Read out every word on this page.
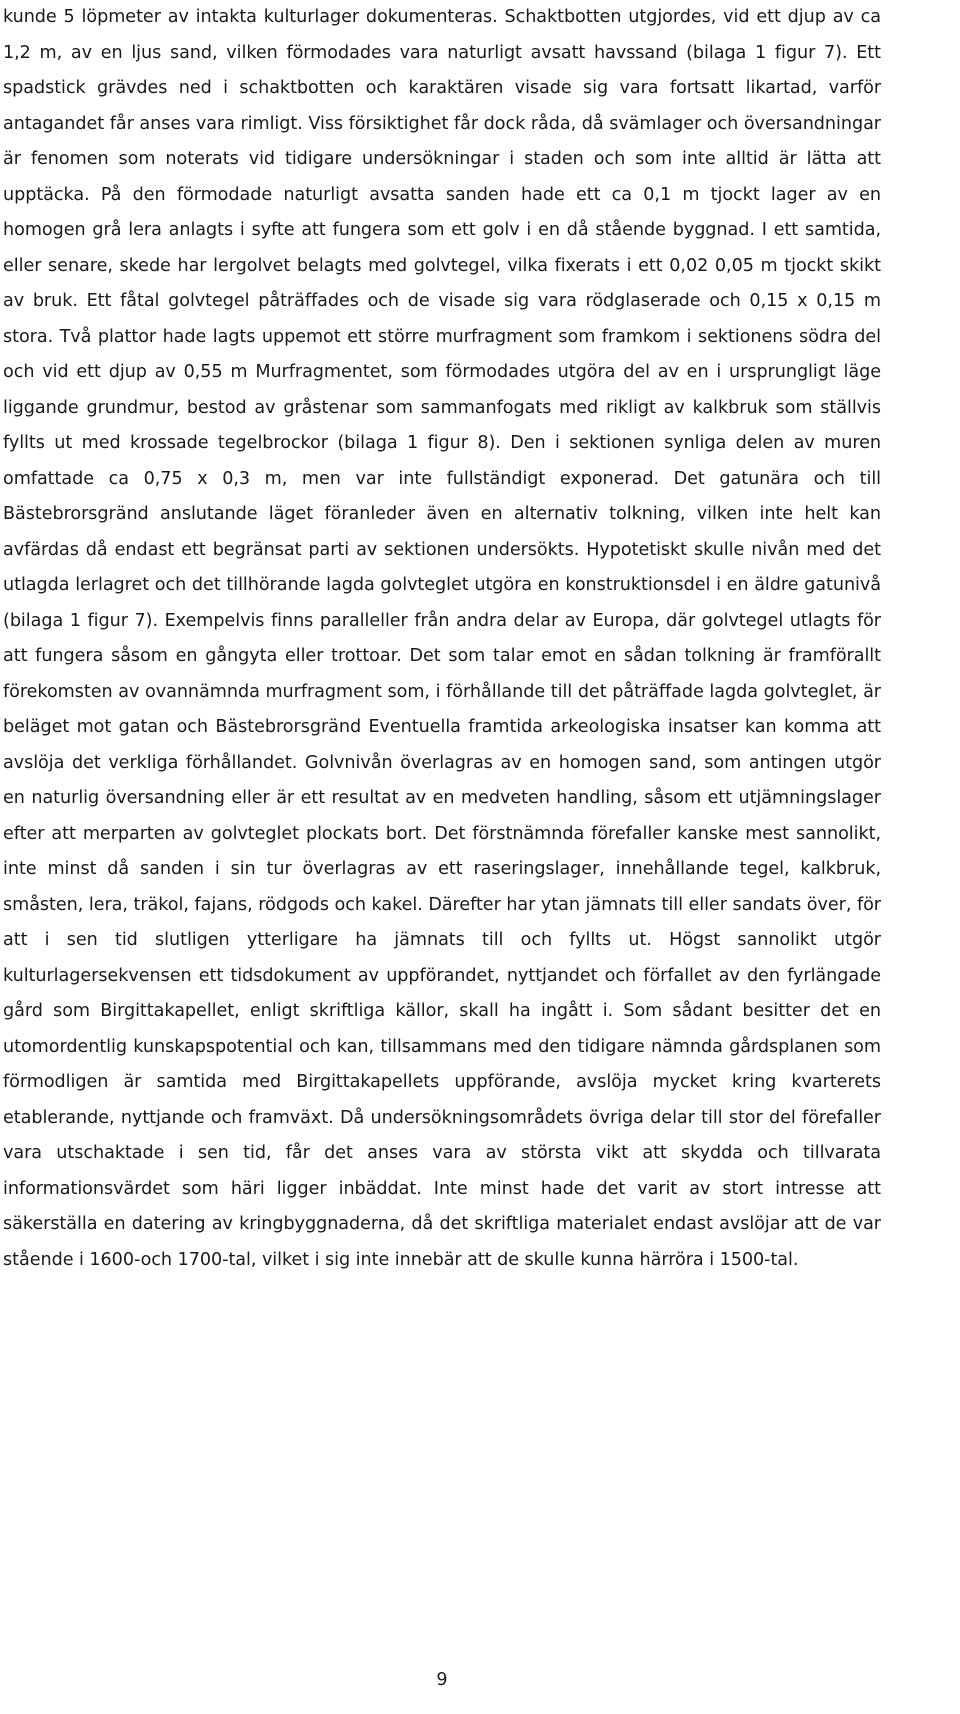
kunde 5 löpmeter av intakta kulturlager dokumenteras. Schaktbotten utgjordes, vid ett djup av ca 1,2 m, av en ljus sand, vilken förmodades vara naturligt avsatt havssand (bilaga 1 figur 7). Ett spadstick grävdes ned i schaktbotten och karaktären visade sig vara fortsatt likartad, varför antagandet får anses vara rimligt. Viss försiktighet får dock råda, då svämlager och översandningar är fenomen som noterats vid tidigare undersökningar i staden och som inte alltid är lätta att upptäcka. På den förmodade naturligt avsatta sanden hade ett ca 0,1 m tjockt lager av en homogen grå lera anlagts i syfte att fungera som ett golv i en då stående byggnad. I ett samtida, eller senare, skede har lergolvet belagts med golvtegel, vilka fixerats i ett 0,02 0,05 m tjockt skikt av bruk. Ett fåtal golvtegel påträffades och de visade sig vara rödglaserade och 0,15 x 0,15 m stora. Två plattor hade lagts uppemot ett större murfragment som framkom i sektionens södra del och vid ett djup av 0,55 m Murfragmentet, som förmodades utgöra del av en i ursprungligt läge liggande grundmur, bestod av gråstenar som sammanfogats med rikligt av kalkbruk som ställvis fyllts ut med krossade tegelbrockor (bilaga 1 figur 8). Den i sektionen synliga delen av muren omfattade ca 0,75 x 0,3 m, men var inte fullständigt exponerad. Det gatunära och till Bästebrorsgränd anslutande läget föranleder även en alternativ tolkning, vilken inte helt kan avfärdas då endast ett begränsat parti av sektionen undersökts. Hypotetiskt skulle nivån med det utlagda lerlagret och det tillhörande lagda golvteglet utgöra en konstruktionsdel i en äldre gatunivå (bilaga 1 figur 7). Exempelvis finns paralleller från andra delar av Europa, där golvtegel utlagts för att fungera såsom en gångyta eller trottoar. Det som talar emot en sådan tolkning är framförallt förekomsten av ovannämnda murfragment som, i förhållande till det påträffade lagda golvteglet, är beläget mot gatan och Bästebrorsgränd Eventuella framtida arkeologiska insatser kan komma att avslöja det verkliga förhållandet. Golvnivån överlagras av en homogen sand, som antingen utgör en naturlig översandning eller är ett resultat av en medveten handling, såsom ett utjämningslager efter att merparten av golvteglet plockats bort. Det förstnämnda förefaller kanske mest sannolikt, inte minst då sanden i sin tur överlagras av ett raseringslager, innehållande tegel, kalkbruk, småsten, lera, träkol, fajans, rödgods och kakel. Därefter har ytan jämnats till eller sandats över, för att i sen tid slutligen ytterligare ha jämnats till och fyllts ut. Högst sannolikt utgör kulturlagersekvensen ett tidsdokument av uppförandet, nyttjandet och förfallet av den fyrlängade gård som Birgittakapellet, enligt skriftliga källor, skall ha ingått i. Som sådant besitter det en utomordentlig kunskapspotential och kan, tillsammans med den tidigare nämnda gårdsplanen som förmodligen är samtida med Birgittakapellets uppförande, avslöja mycket kring kvarterets etablerande, nyttjande och framväxt. Då undersökningsområdets övriga delar till stor del förefaller vara utschaktade i sen tid, får det anses vara av största vikt att skydda och tillvarata informationsvärdet som häri ligger inbäddat. Inte minst hade det varit av stort intresse att säkerställa en datering av kringbyggnaderna, då det skriftliga materialet endast avslöjar att de var stående i 1600-och 1700-tal, vilket i sig inte innebär att de skulle kunna härröra i 1500-tal.

9
